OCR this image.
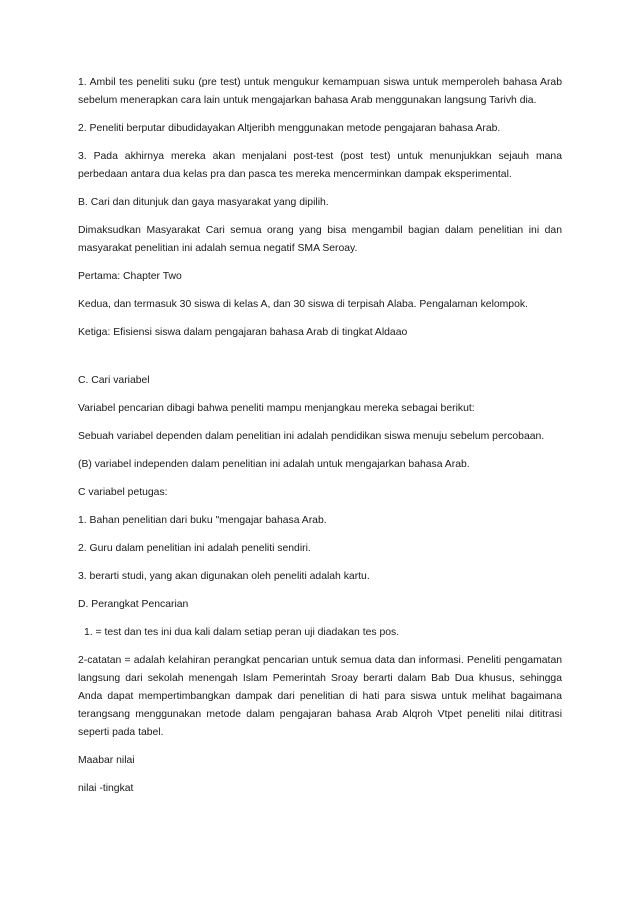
1. Ambil tes peneliti suku (pre test) untuk mengukur kemampuan siswa untuk memperoleh bahasa Arab sebelum menerapkan cara lain untuk mengajarkan bahasa Arab menggunakan langsung Tarivh dia.

2. Peneliti berputar dibudidayakan Altjeribh menggunakan metode pengajaran bahasa Arab.

3. Pada akhirnya mereka akan menjalani post-test (post test) untuk menunjukkan sejauh mana perbedaan antara dua kelas pra dan pasca tes mereka mencerminkan dampak eksperimental.

B. Cari dan ditunjuk dan gaya masyarakat yang dipilih.

Dimaksudkan Masyarakat Cari semua orang yang bisa mengambil bagian dalam penelitian ini dan masyarakat penelitian ini adalah semua negatif SMA Seroay.

Pertama: Chapter Two

Kedua, dan termasuk 30 siswa di kelas A, dan 30 siswa di terpisah Alaba. Pengalaman kelompok.

Ketiga: Efisiensi siswa dalam pengajaran bahasa Arab di tingkat Aldaao

C. Cari variabel

Variabel pencarian dibagi bahwa peneliti mampu menjangkau mereka sebagai berikut:

Sebuah variabel dependen dalam penelitian ini adalah pendidikan siswa menuju sebelum percobaan.

(B) variabel independen dalam penelitian ini adalah untuk mengajarkan bahasa Arab.

C variabel petugas:

1. Bahan penelitian dari buku "mengajar bahasa Arab.

2. Guru dalam penelitian ini adalah peneliti sendiri.

3. berarti studi, yang akan digunakan oleh peneliti adalah kartu.

D. Perangkat Pencarian

1. = test dan tes ini dua kali dalam setiap peran uji diadakan tes pos.

2-catatan = adalah kelahiran perangkat pencarian untuk semua data dan informasi. Peneliti pengamatan langsung dari sekolah menengah Islam Pemerintah Sroay berarti dalam Bab Dua khusus, sehingga Anda dapat mempertimbangkan dampak dari penelitian di hati para siswa untuk melihat bagaimana terangsang menggunakan metode dalam pengajaran bahasa Arab Alqroh Vtpet peneliti nilai dititrasi seperti pada tabel.

Maabar nilai

nilai -tingkat
